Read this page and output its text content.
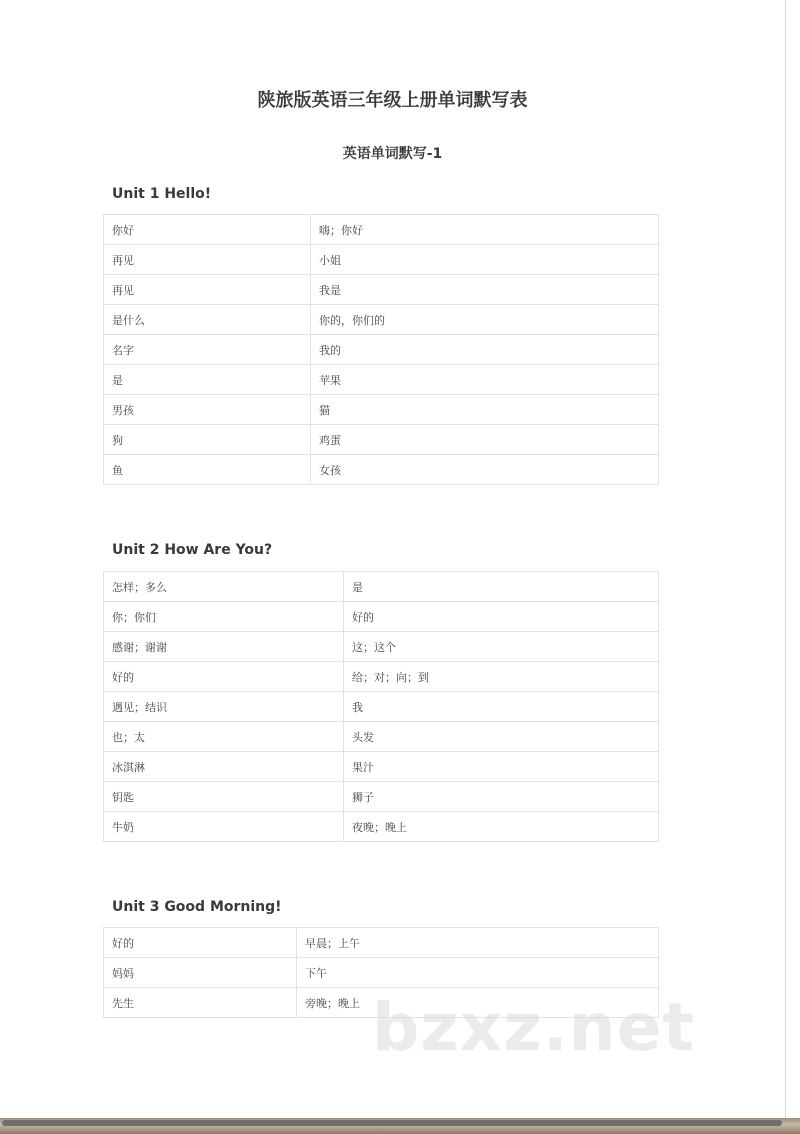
陕旅版英语三年级上册单词默写表
英语单词默写-1
Unit 1 Hello!
你好	嗨；你好
再见	小姐
再见	我是
是什么	你的，你们的
名字	我的
是	苹果
男孩	猫
狗	鸡蛋
鱼	女孩
Unit 2 How Are You?
怎样；多么	是
你；你们	好的
感谢；谢谢	这；这个
好的	给；对；向；到
遇见；结识	我
也；太	头发
冰淇淋	果汁
钥匙	狮子
牛奶	夜晚；晚上
Unit 3 Good Morning!
好的	早晨；上午
妈妈	下午
先生	旁晚；晚上 bzxz.net
